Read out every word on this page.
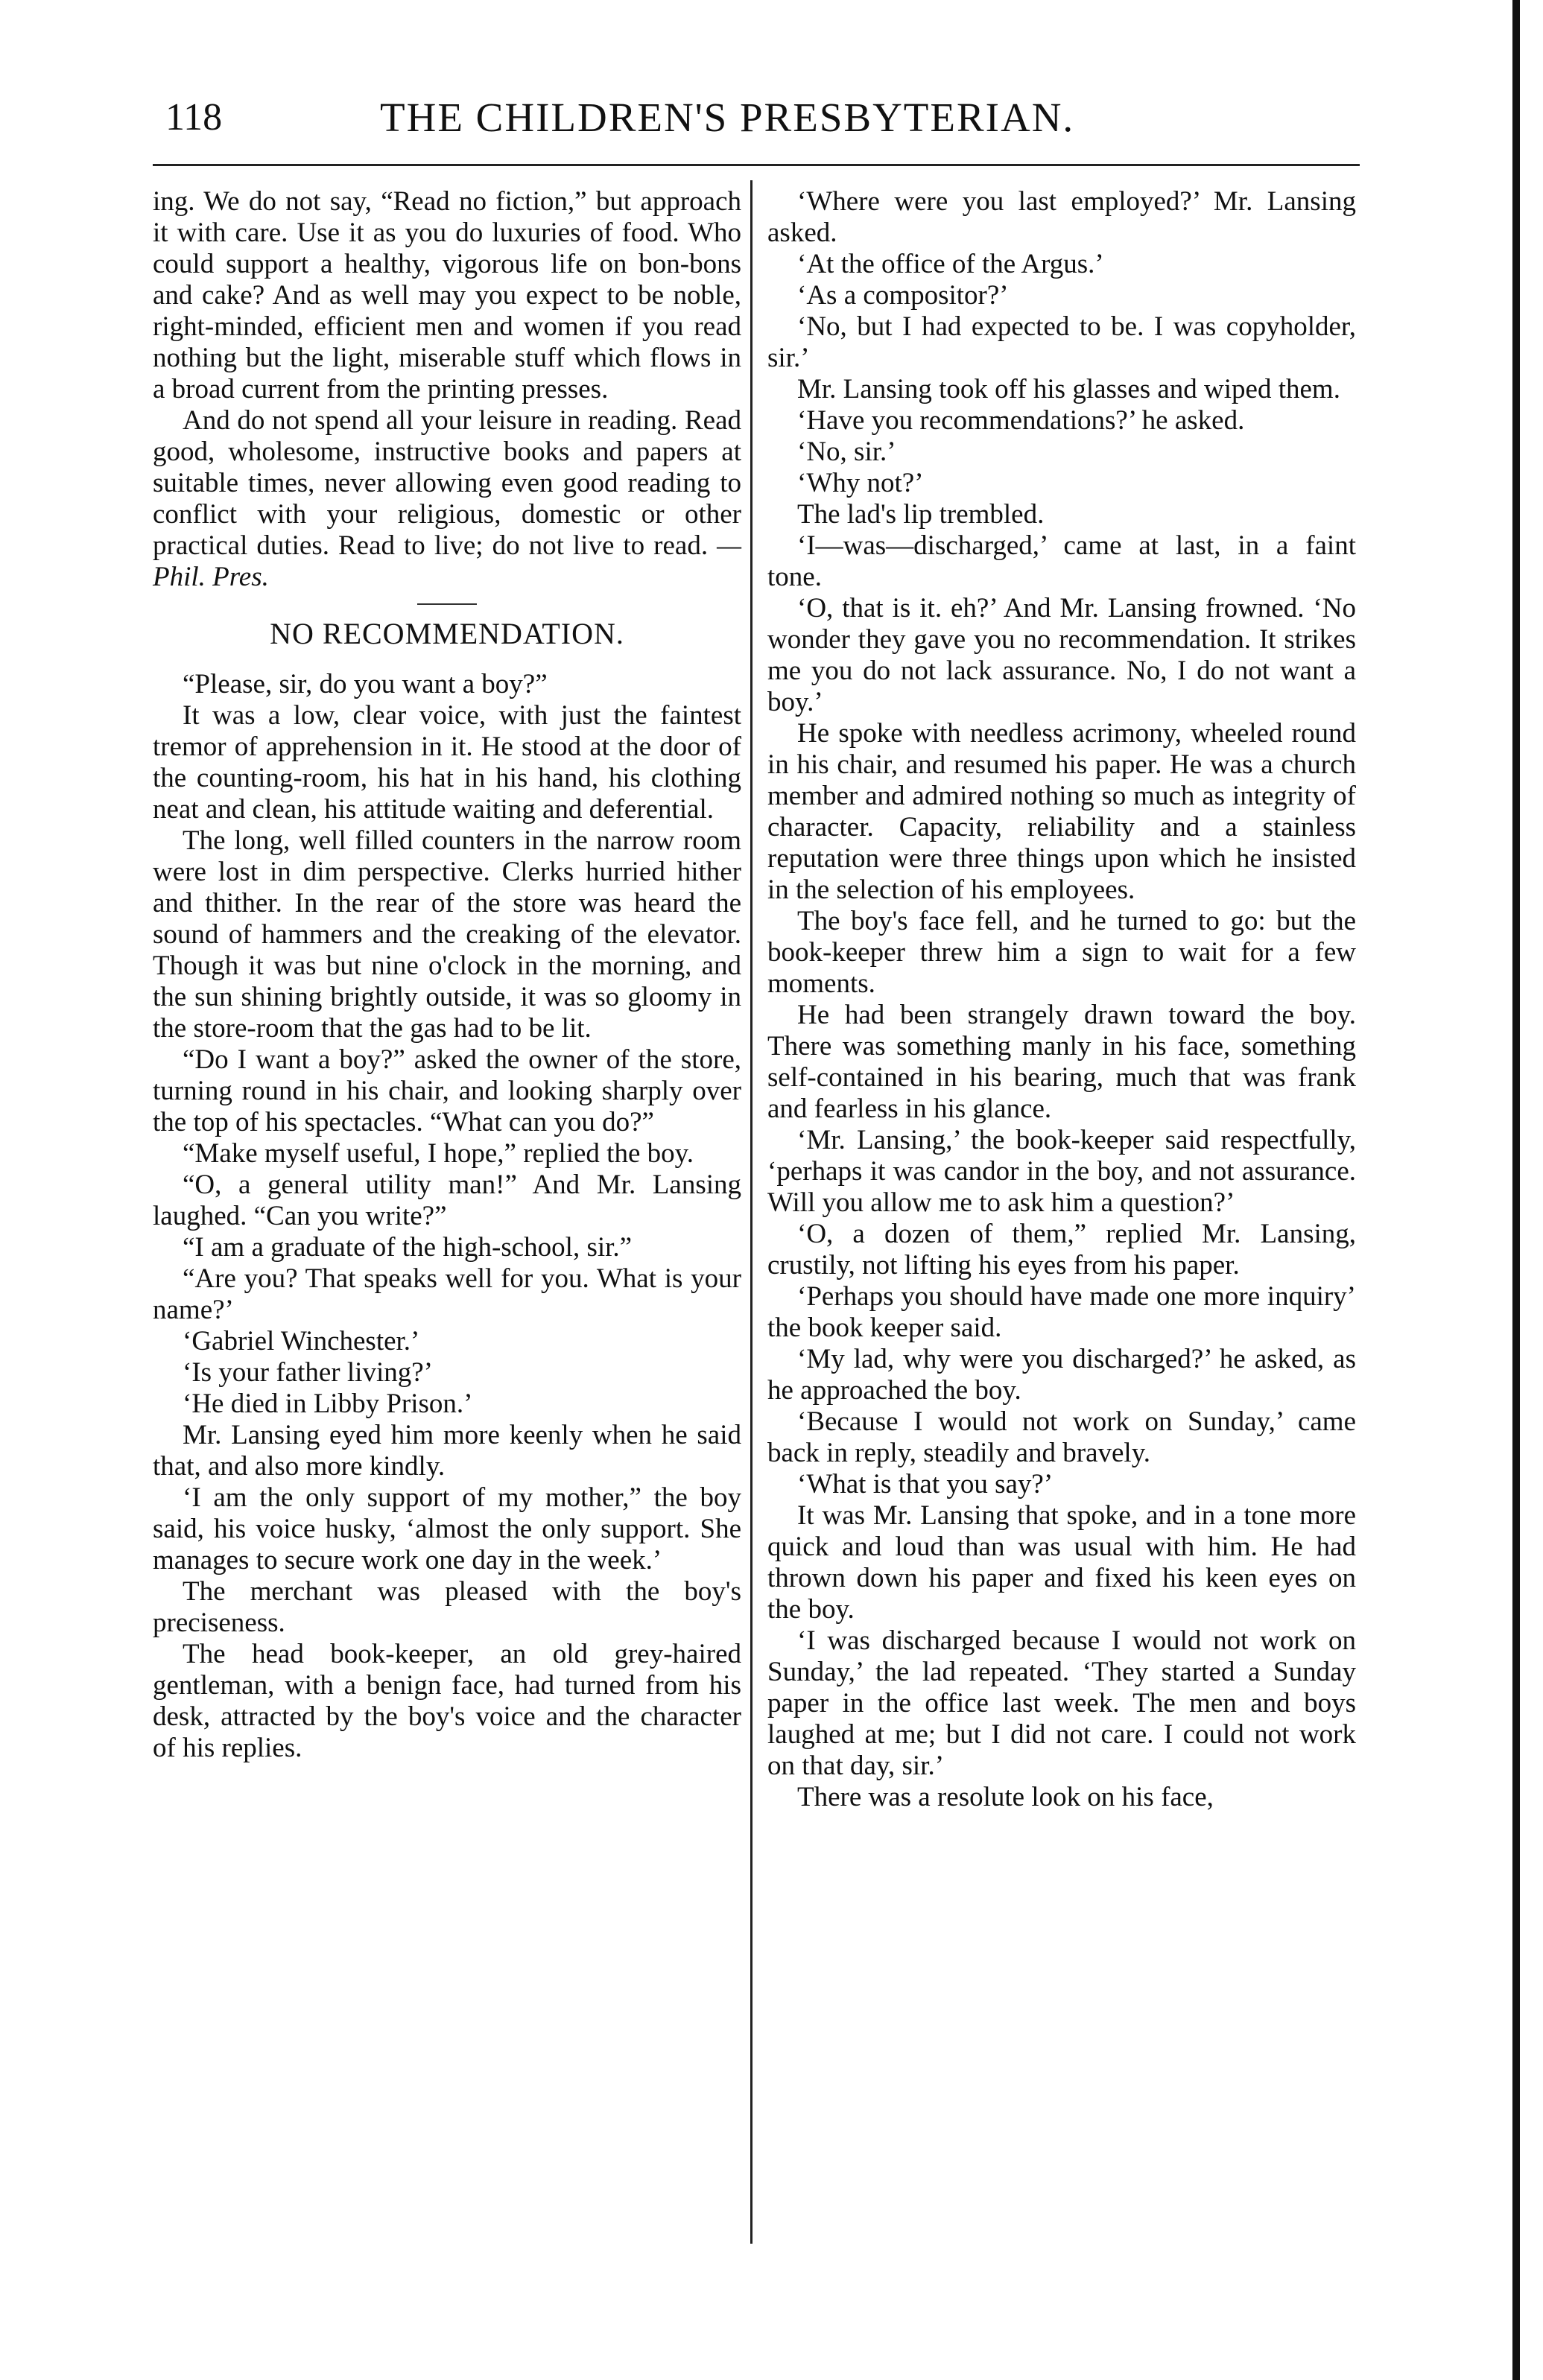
118	THE CHILDREN'S PRESBYTERIAN.

ing. We do not say, “Read no fiction,” but approach it with care. Use it as you do luxuries of food. Who could support a healthy, vigorous life on bon-bons and cake? And as well may you expect to be noble, right-minded, efficient men and women if you read nothing but the light, miserable stuff which flows in a broad current from the printing presses.

And do not spend all your leisure in reading. Read good, wholesome, instructive books and papers at suitable times, never allowing even good reading to conflict with your religious, domestic or other practical duties. Read to live; do not live to read. —Phil. Pres.

NO RECOMMENDATION.

“Please, sir, do you want a boy?”

It was a low, clear voice, with just the faintest tremor of apprehension in it. He stood at the door of the counting-room, his hat in his hand, his clothing neat and clean, his attitude waiting and deferential.

The long, well filled counters in the narrow room were lost in dim perspective. Clerks hurried hither and thither. In the rear of the store was heard the sound of hammers and the creaking of the elevator. Though it was but nine o'clock in the morning, and the sun shining brightly outside, it was so gloomy in the store-room that the gas had to be lit.

“Do I want a boy?” asked the owner of the store, turning round in his chair, and looking sharply over the top of his spectacles. “What can you do?”

“Make myself useful, I hope,” replied the boy.

“O, a general utility man!” And Mr. Lansing laughed. “Can you write?”

“I am a graduate of the high-school, sir.”

“Are you? That speaks well for you. What is your name?’

‘Gabriel Winchester.’

‘Is your father living?’

‘He died in Libby Prison.’

Mr. Lansing eyed him more keenly when he said that, and also more kindly.

‘I am the only support of my mother,” the boy said, his voice husky, ‘almost the only support. She manages to secure work one day in the week.’

The merchant was pleased with the boy's preciseness.

The head book-keeper, an old grey-haired gentleman, with a benign face, had turned from his desk, attracted by the boy's voice and the character of his replies.

‘Where were you last employed?’ Mr. Lansing asked.

‘At the office of the Argus.’

‘As a compositor?’

‘No, but I had expected to be. I was copyholder, sir.’

Mr. Lansing took off his glasses and wiped them.

‘Have you recommendations?’ he asked.

‘No, sir.’

‘Why not?’

The lad's lip trembled.

‘I—was—discharged,’ came at last, in a faint tone.

‘O, that is it. eh?’ And Mr. Lansing frowned. ‘No wonder they gave you no recommendation. It strikes me you do not lack assurance. No, I do not want a boy.’

He spoke with needless acrimony, wheeled round in his chair, and resumed his paper. He was a church member and admired nothing so much as integrity of character. Capacity, reliability and a stainless reputation were three things upon which he insisted in the selection of his employees.

The boy's face fell, and he turned to go: but the book-keeper threw him a sign to wait for a few moments.

He had been strangely drawn toward the boy. There was something manly in his face, something self-contained in his bearing, much that was frank and fearless in his glance.

‘Mr. Lansing,’ the book-keeper said respectfully, ‘perhaps it was candor in the boy, and not assurance. Will you allow me to ask him a question?’

‘O, a dozen of them,” replied Mr. Lansing, crustily, not lifting his eyes from his paper.

‘Perhaps you should have made one more inquiry’ the book keeper said.

‘My lad, why were you discharged?’ he asked, as he approached the boy.

‘Because I would not work on Sunday,’ came back in reply, steadily and bravely.

‘What is that you say?’

It was Mr. Lansing that spoke, and in a tone more quick and loud than was usual with him. He had thrown down his paper and fixed his keen eyes on the boy.

‘I was discharged because I would not work on Sunday,’ the lad repeated. ‘They started a Sunday paper in the office last week. The men and boys laughed at me; but I did not care. I could not work on that day, sir.’

There was a resolute look on his face,
